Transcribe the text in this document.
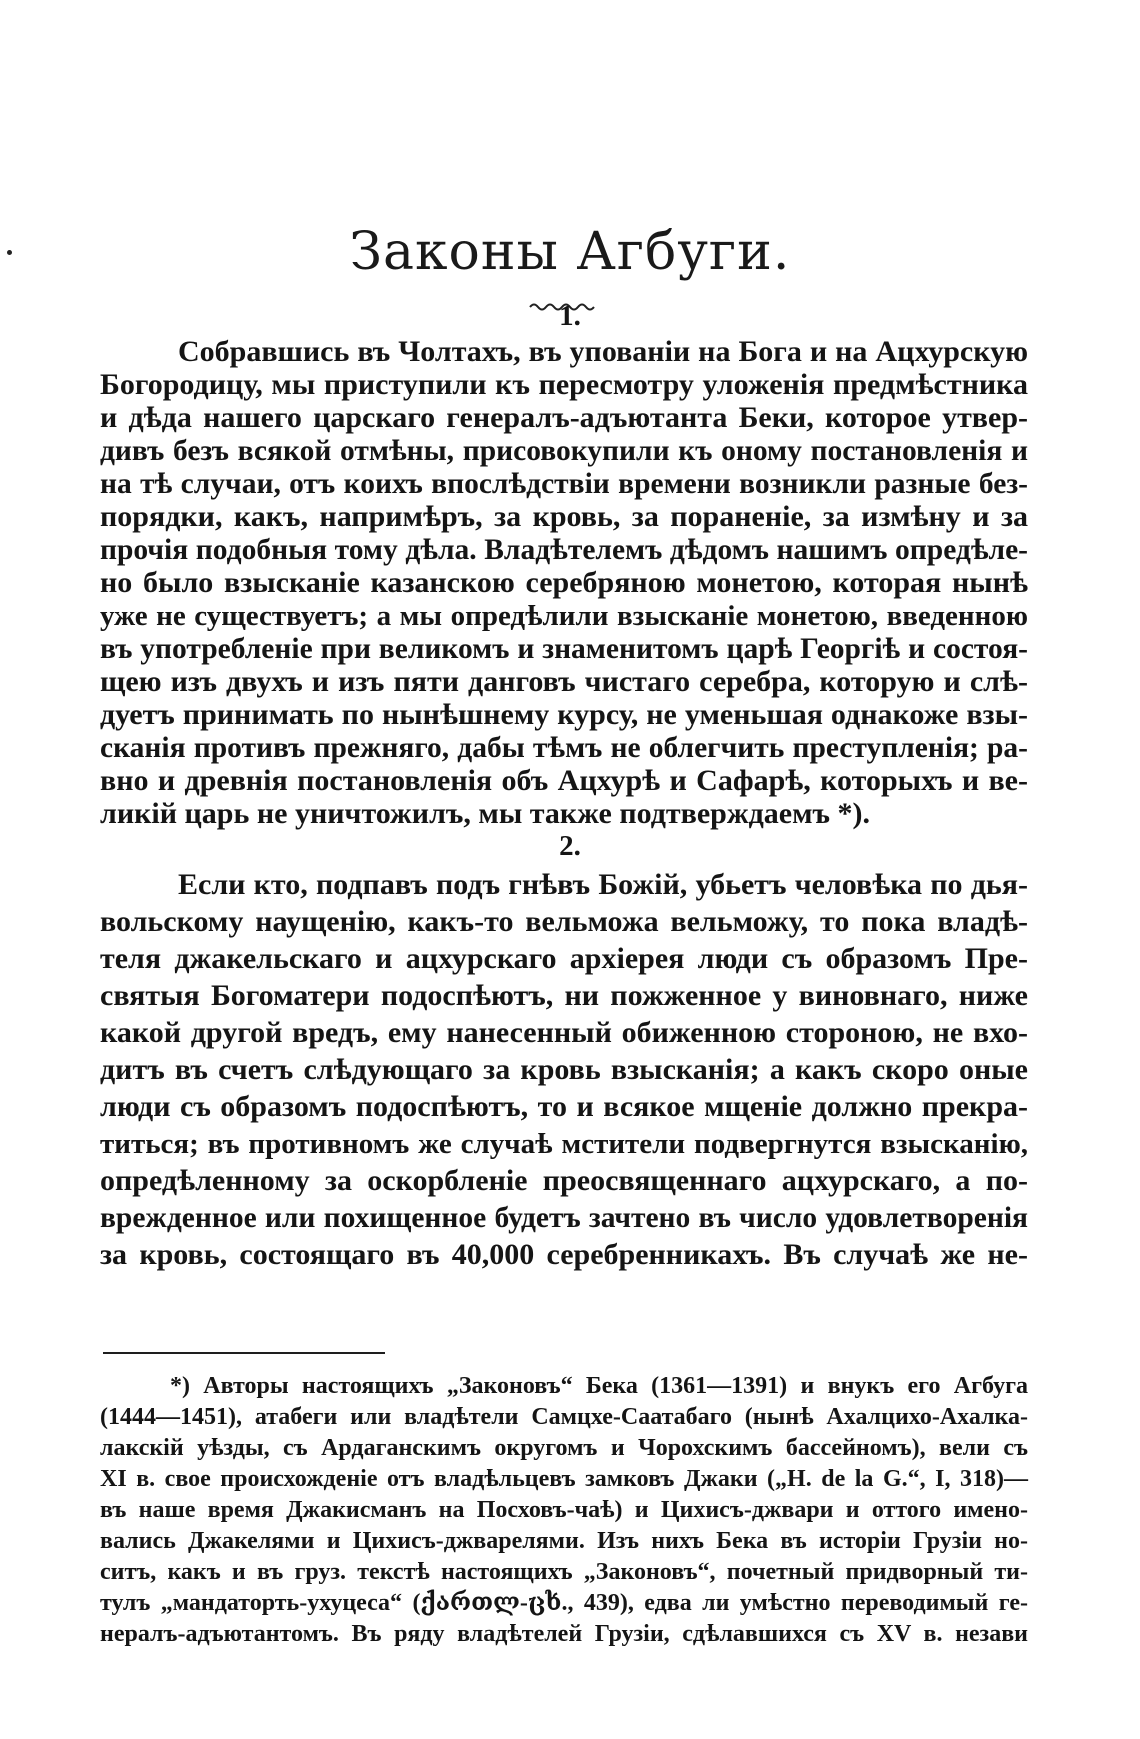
Законы Агбуги.
1.
Собравшись въ Чолтахъ, въ упованіи на Бога и на Ацхурскую
Богородицу, мы приступили къ пересмотру уложенія предмѣстника
и дѣда нашего царскаго генералъ-адъютанта Беки, которое утвер-
дивъ безъ всякой отмѣны, присовокупили къ оному постановленія и
на тѣ случаи, отъ коихъ впослѣдствіи времени возникли разные без-
порядки, какъ, напримѣръ, за кровь, за пораненіе, за измѣну и за
прочія подобныя тому дѣла. Владѣтелемъ дѣдомъ нашимъ опредѣле-
но было взысканіе казанскою серебряною монетою, которая нынѣ
уже не существуетъ; а мы опредѣлили взысканіе монетою, введенною
въ употребленіе при великомъ и знаменитомъ царѣ Георгіѣ и состоя-
щею изъ двухъ и изъ пяти данговъ чистаго серебра, которую и слѣ-
дуетъ принимать по нынѣшнему курсу, не уменьшая однакоже взы-
сканія противъ прежняго, дабы тѣмъ не облегчить преступленія; ра-
вно и древнія постановленія объ Ацхурѣ и Сафарѣ, которыхъ и ве-
ликій царь не уничтожилъ, мы также подтверждаемъ *).
2.
Если кто, подпавъ подъ гнѣвъ Божій, убьетъ человѣка по дья-
вольскому наущенію, какъ-то вельможа вельможу, то пока владѣ-
теля джакельскаго и ацхурскаго архіерея люди съ образомъ Пре-
святыя Богоматери подоспѣютъ, ни пожженное у виновнаго, ниже
какой другой вредъ, ему нанесенный обиженною стороною, не вхо-
дитъ въ счетъ слѣдующаго за кровь взысканія; а какъ скоро оные
люди съ образомъ подоспѣютъ, то и всякое мщеніе должно прекра-
титься; въ противномъ же случаѣ мстители подвергнутся взысканію,
опредѣленному за оскорбленіе преосвященнаго ацхурскаго, а по-
врежденное или похищенное будетъ зачтено въ число удовлетворенія
за кровь, состоящаго въ 40,000 серебренникахъ. Въ случаѣ же не-
*) Авторы настоящихъ „Законовъ“ Бека (1361—1391) и внукъ его Агбуга
(1444—1451), атабеги или владѣтели Самцхе-Саатабаго (нынѣ Ахалцихо-Ахалка-
лакскій уѣзды, съ Ардаганскимъ округомъ и Чорохскимъ бассейномъ), вели съ
XI в. свое происхожденіе отъ владѣльцевъ замковъ Джаки („H. de la G.“, I, 318)—
въ наше время Джакисманъ на Посховъ-чаѣ) и Цихисъ-джвари и оттого имено-
вались Джакелями и Цихисъ-джварелями. Изъ нихъ Бека въ исторіи Грузіи но-
ситъ, какъ и въ груз. текстѣ настоящихъ „Законовъ“, почетный придворный ти-
тулъ „мандаторть-ухуцеса“ (ქართლ-ცხ., 439), едва ли умѣстно переводимый ге-
нералъ-адъютантомъ. Въ ряду владѣтелей Грузіи, сдѣлавшихся съ XV в. незави
